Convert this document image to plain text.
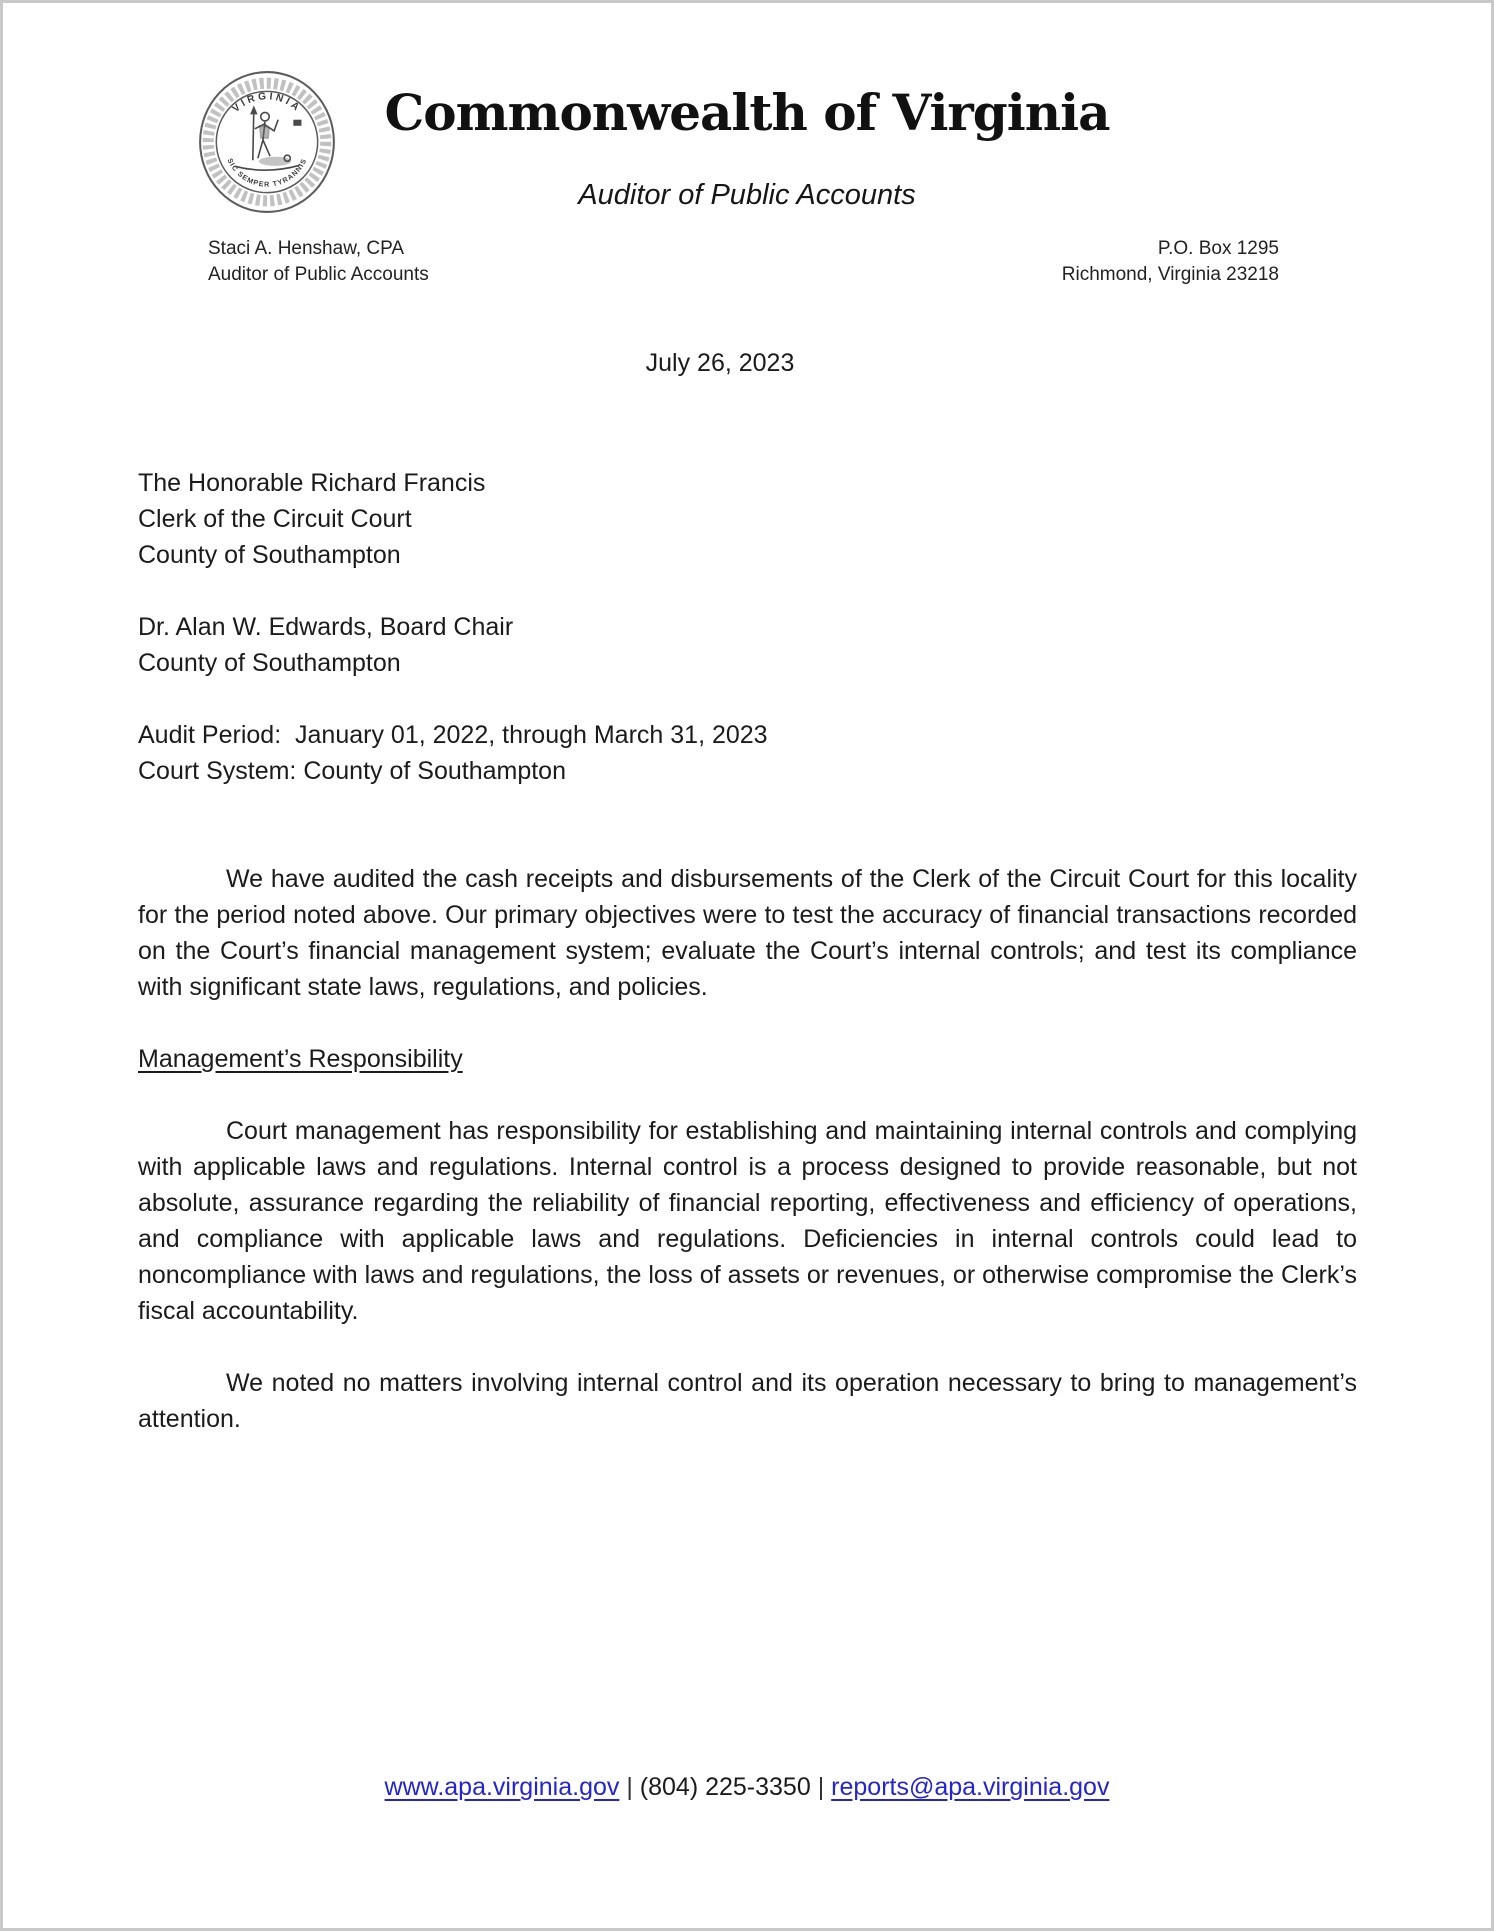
VIRGINIA
SIC SEMPER TYRANNIS
Commonwealth of Virginia
Auditor of Public Accounts
Staci A. Henshaw, CPA
Auditor of Public Accounts
P.O. Box 1295
Richmond, Virginia 23218
July 26, 2023
The Honorable Richard Francis
Clerk of the Circuit Court
County of Southampton
Dr. Alan W. Edwards, Board Chair
County of Southampton
Audit Period:  January 01, 2022, through March 31, 2023
Court System: County of Southampton

We have audited the cash receipts and disbursements of the Clerk of the Circuit Court for this locality for the period noted above. Our primary objectives were to test the accuracy of financial transactions recorded on the Court’s financial management system; evaluate the Court’s internal controls; and test its compliance with significant state laws, regulations, and policies.

Management’s Responsibility

Court management has responsibility for establishing and maintaining internal controls and complying with applicable laws and regulations. Internal control is a process designed to provide reasonable, but not absolute, assurance regarding the reliability of financial reporting, effectiveness and efficiency of operations, and compliance with applicable laws and regulations. Deficiencies in internal controls could lead to noncompliance with laws and regulations, the loss of assets or revenues, or otherwise compromise the Clerk’s fiscal accountability.

We noted no matters involving internal control and its operation necessary to bring to management’s attention.

www.apa.virginia.gov | (804) 225-3350 | reports@apa.virginia.gov
